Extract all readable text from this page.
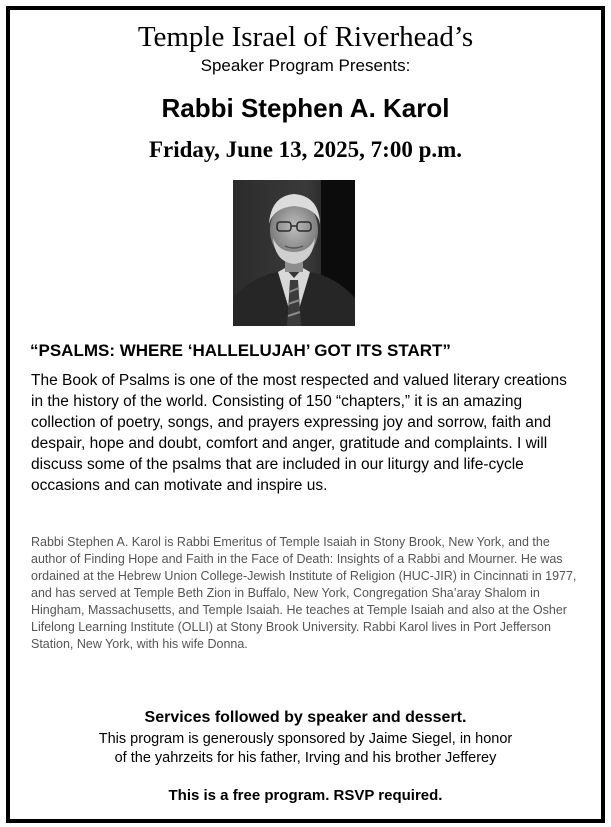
Temple Israel of Riverhead’s
Speaker Program Presents:
Rabbi Stephen A. Karol
Friday, June 13, 2025, 7:00 p.m.
“PSALMS: WHERE ‘HALLELUJAH’ GOT ITS START”
The Book of Psalms is one of the most respected and valued literary creations in the history of the world. Consisting of 150 “chapters,” it is an amazing collection of poetry, songs, and prayers expressing joy and sorrow, faith and despair, hope and doubt, comfort and anger, gratitude and complaints. I will discuss some of the psalms that are included in our liturgy and life-cycle occasions and can motivate and inspire us.
Rabbi Stephen A. Karol is Rabbi Emeritus of Temple Isaiah in Stony Brook, New York, and the author of Finding Hope and Faith in the Face of Death: Insights of a Rabbi and Mourner. He was ordained at the Hebrew Union College-Jewish Institute of Religion (HUC-JIR) in Cincinnati in 1977, and has served at Temple Beth Zion in Buffalo, New York, Congregation Sha’aray Shalom in Hingham, Massachusetts, and Temple Isaiah. He teaches at Temple Isaiah and also at the Osher Lifelong Learning Institute (OLLI) at Stony Brook University. Rabbi Karol lives in Port Jefferson Station, New York, with his wife Donna.
Services followed by speaker and dessert.
This program is generously sponsored by Jaime Siegel, in honor
of the yahrzeits for his father, Irving and his brother Jefferey
This is a free program. RSVP required.
